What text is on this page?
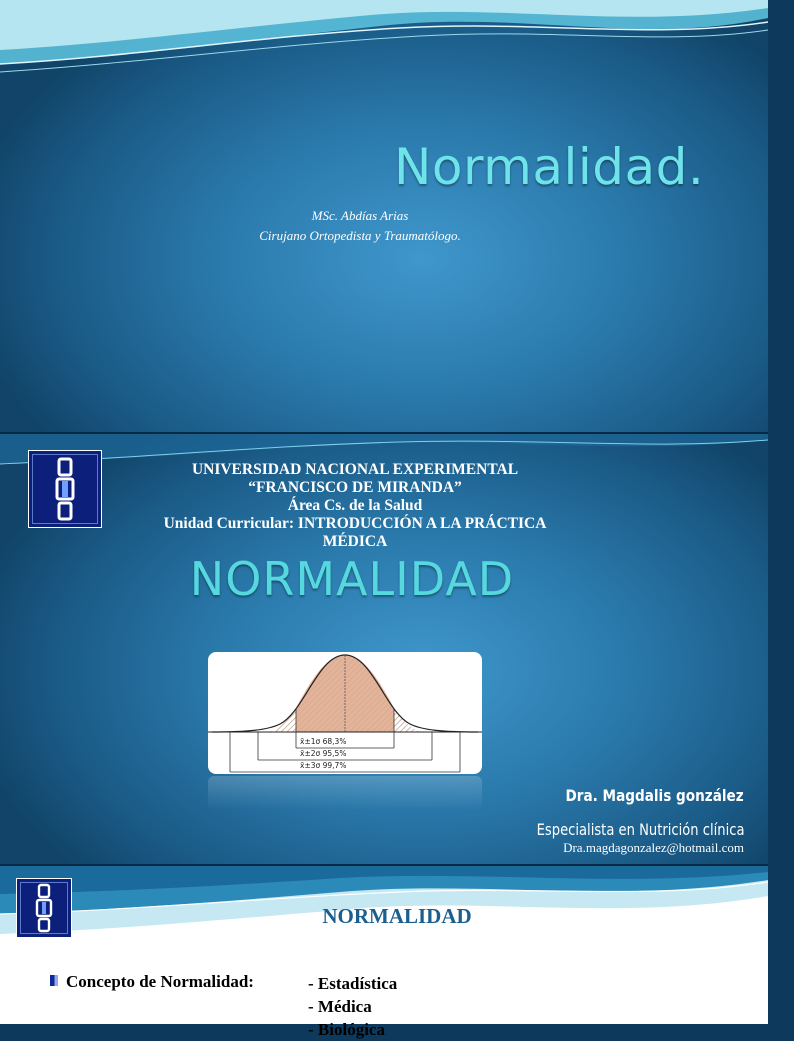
Normalidad.
MSc. Abdías Arias
Cirujano Ortopedista y Traumatólogo.
UNIVERSIDAD NACIONAL EXPERIMENTAL
“FRANCISCO DE MIRANDA”
Área Cs. de la Salud
Unidad Curricular: INTRODUCCIÓN A LA PRÁCTICA
MÉDICA
NORMALIDAD
x̄±1σ 68,3%
x̄±2σ 95,5%
x̄±3σ 99,7%
Dra. Magdalis gonzález
Especialista en Nutrición clínica
Dra.magdagonzalez@hotmail.com
NORMALIDAD
Concepto de Normalidad:	- Estadística
- Médica
- Biológica
